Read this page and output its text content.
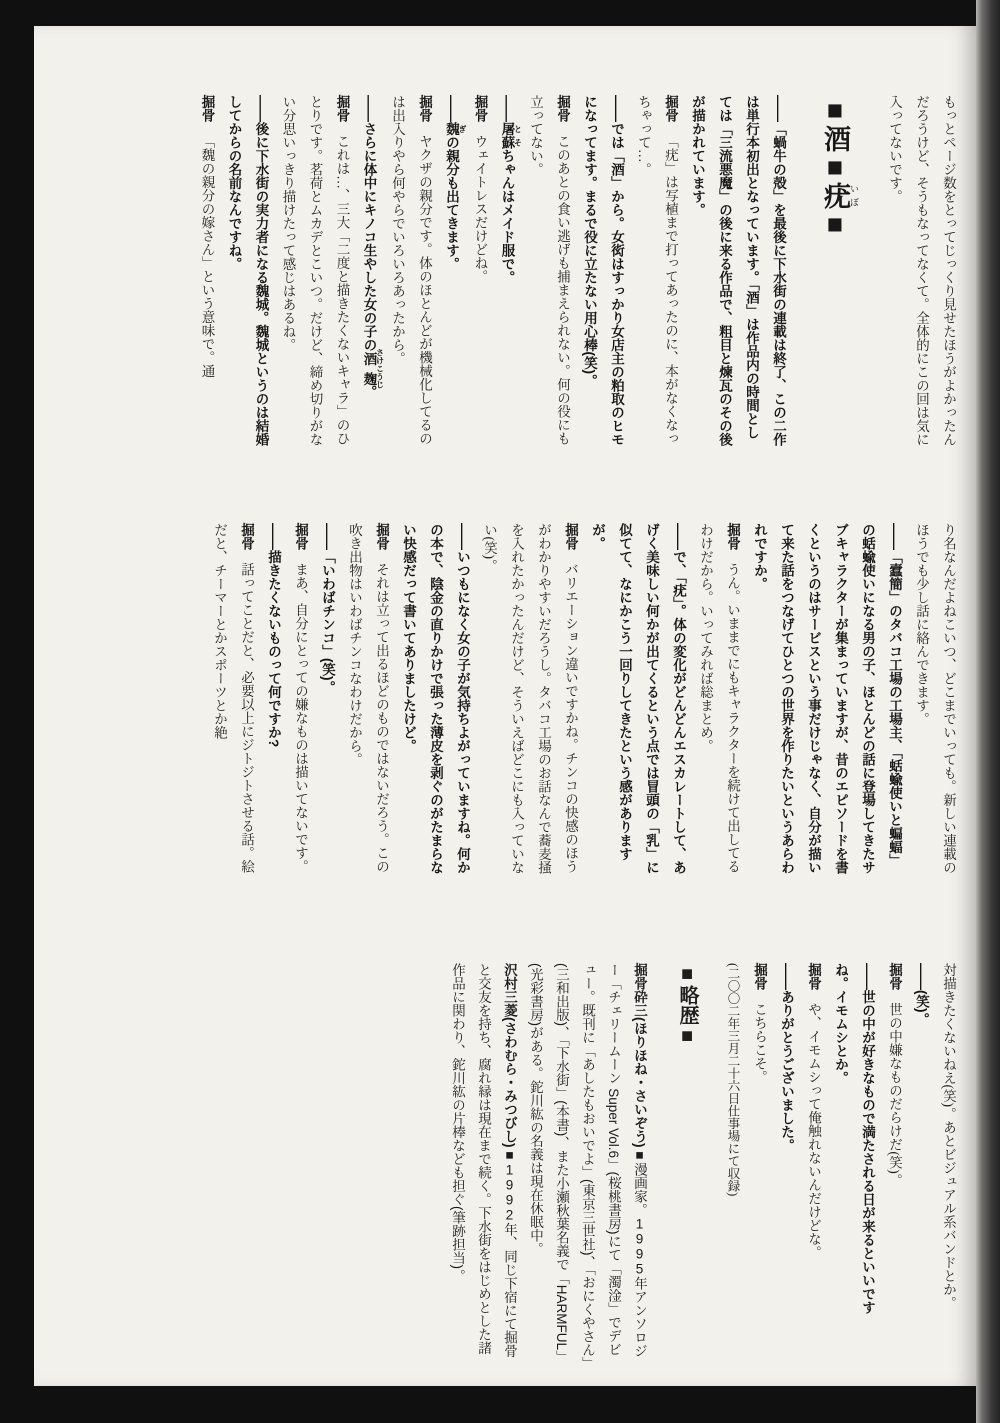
もっとページ数をとってじっくり見せたほうがよかったんだろうけど、そうもなってなくて。全体的にこの回は気に入ってないです。

■酒■疣 いぼ■

――「蝸牛の殻」を最後に下水街の連載は終了、この二作は単行本初出となっています。「酒」は作品内の時間としては「三流悪魔」の後に来る作品で、粗目と煉瓦のその後が描かれています。

掘骨「疣」は写植まで打ってあったのに、本がなくなっちゃって…。

――では「酒」から。女衒はすっかり女店主の粕取のヒモになってます。まるで役に立たない用心棒(笑)。

掘骨このあとの食い逃げも捕まえられない。何の役にも立ってない。

――屠蘇 とそちゃんはメイド服で。

掘骨ウェイトレスだけどね。

――魏 ぎの親分も出てきます。

掘骨ヤクザの親分です。体のほとんどが機械化してるのは出入りやら何やらでいろいろあったから。

――さらに体中にキノコ生やした女の子の酒麹 さけこうじ。

掘骨これは…、三大「二度と描きたくないキャラ」のひとりです。茗荷とムカデとこいつ。だけど、締め切りがない分思いっきり描けたって感じはあるね。

――後に下水街の実力者になる魏城。魏城というのは結婚してからの名前なんですね。

掘骨「魏の親分の嫁さん」という意味で。通

り名なんだよねこいつ、どこまでいっても。新しい連載のほうでも少し話に絡んできます。

――「蠧簡」のタバコ工場の工場主、「蛞蝓使いと蝙蝠」の蛞蝓使いになる男の子、ほとんどの話に登場してきたサブキャラクターが集まっていますが、昔のエピソードを書くというのはサービスという事だけじゃなく、自分が描いて来た話をつなげてひとつの世界を作りたいというあらわれですか。

掘骨うん。いままでにもキャラクターを続けて出してるわけだから。いってみれば総まとめ。

――で、「疣」。体の変化がどんどんエスカレートして、あげく美味しい何かが出てくるという点では冒頭の「乳」に似てて、なにかこう一回りしてきたという感がありますが。

掘骨バリエーション違いですかね。チンコの快感のほうがわかりやすいだろうし。タバコ工場のお話なんで蕎麦掻を入れたかったんだけど、そういえばどこにも入っていない(笑)。

――いつもになく女の子が気持ちよがっていますね。何かの本で、陰金の直りかけで張った薄皮を剥ぐのがたまらない快感だって書いてありましたけど。

掘骨それは立って出るほどのものではないだろう。この吹き出物はいわばチンコなわけだから。

――「いわばチンコ」(笑)。

掘骨まあ、自分にとっての嫌なものは描いてないです。

――描きたくないものって何ですか?

掘骨話ってことだと、必要以上にジトジトさせる話。絵だと、チーマーとかスポーツとか絶

対描きたくないねえ(笑)。あとビジュアル系バンドとか。

――(笑)。

掘骨世の中嫌なものだらけだ(笑)。

――世の中が好きなもので満たされる日が来るといいですね。イモムシとか。

掘骨や、イモムシって俺触れないんだけどな。

――ありがとうございました。

掘骨こちらこそ。

(二〇〇二年三月二十六日仕事場にて収録)

■略歴■

掘骨砕三(ほりほね・さいぞう)■漫画家。1995年アンソロジー「チェリームーン Super Vol.6」(桜桃書房)にて「濁淦」でデビュー。既刊に「あしたもおいでよ」(東京三世社)、「おにくやさん」(三和出版)、「下水街」(本書)、また小瀬秋葉名義で「HARMFUL」(光彩書房)がある。鉈川紘の名義は現在休眠中。

沢村三菱(さわむら・みつびし)■1992年、同じ下宿にて掘骨と交友を持ち、腐れ縁は現在まで続く。下水街をはじめとした諸作品に関わり、鉈川紘の片棒なども担ぐ(筆跡担当)。
